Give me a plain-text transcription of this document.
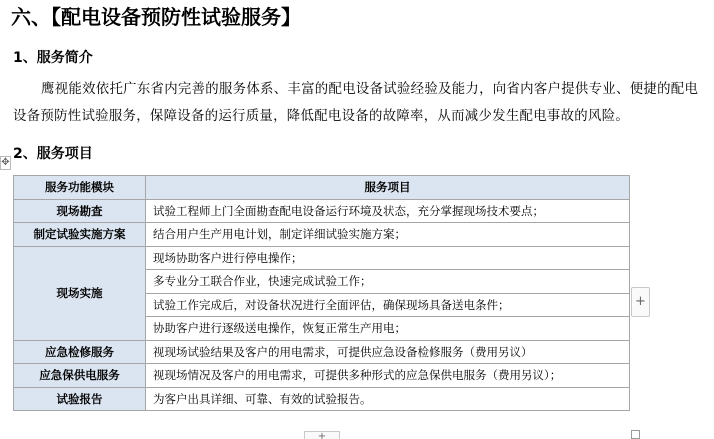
六、【配电设备预防性试验服务】
1、服务简介
鹰视能效依托广东省内完善的服务体系、丰富的配电设备试验经验及能力，向省内客户提供专业、便捷的配电设备预防性试验服务，保障设备的运行质量，降低配电设备的故障率，从而减少发生配电事故的风险。
2、服务项目
✥
服务功能模块	服务项目
现场勘查	试验工程师上门全面勘查配电设备运行环境及状态，充分掌握现场技术要点；
制定试验实施方案	结合用户生产用电计划，制定详细试验实施方案；
现场实施	现场协助客户进行停电操作；
	多专业分工联合作业，快速完成试验工作；
	试验工作完成后，对设备状况进行全面评估，确保现场具备送电条件；
	协助客户进行逐级送电操作，恢复正常生产用电；
应急检修服务	视现场试验结果及客户的用电需求，可提供应急设备检修服务（费用另议）
应急保供电服务	视现场情况及客户的用电需求，可提供多种形式的应急保供电服务（费用另议）；
试验报告	为客户出具详细、可靠、有效的试验报告。
+
+
